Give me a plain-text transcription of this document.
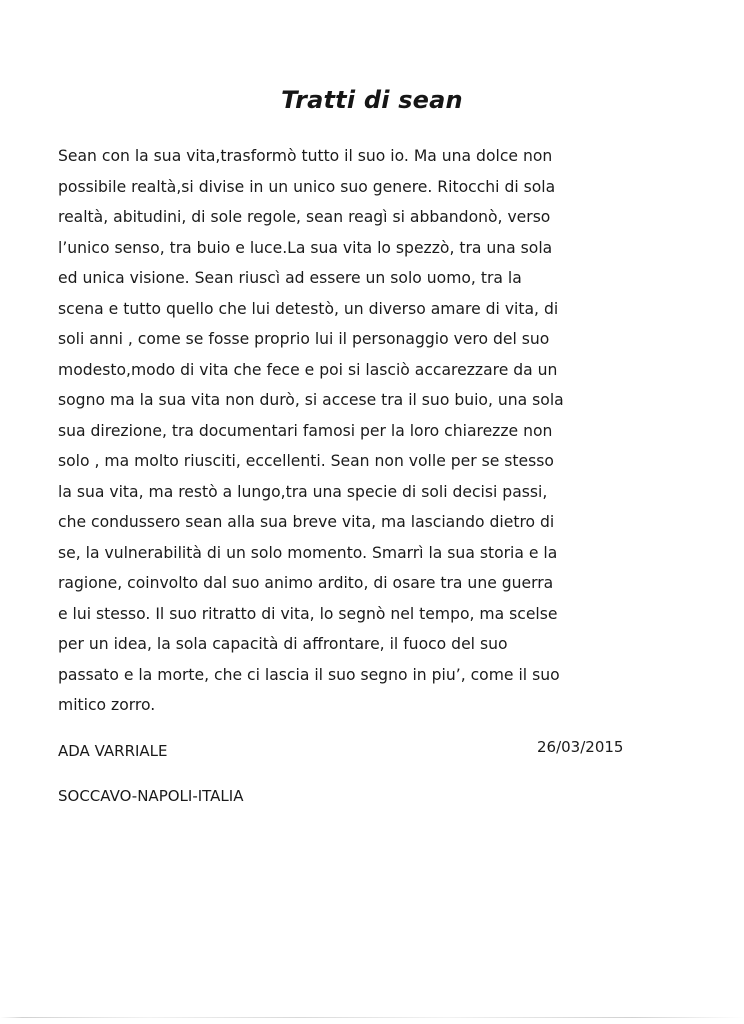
Tratti di sean
Sean con la sua vita,trasformò tutto il suo io. Ma una dolce non
possibile realtà,si divise in un unico suo genere. Ritocchi di sola
realtà, abitudini, di sole regole, sean reagì si abbandonò, verso
l’unico senso, tra buio e luce.La sua vita lo spezzò, tra una sola
ed unica visione. Sean riuscì ad essere un solo uomo, tra la
scena e tutto quello che lui detestò, un diverso amare di vita, di
soli anni , come se fosse proprio lui il personaggio vero del suo
modesto,modo di vita che fece e poi si lasciò accarezzare da un
sogno ma la sua vita non durò, si accese tra il suo buio, una sola
sua direzione, tra documentari famosi per la loro chiarezze non
solo , ma molto riusciti, eccellenti. Sean non volle per se stesso
la sua vita, ma restò a lungo,tra una specie di soli decisi passi,
che condussero sean alla sua breve vita, ma lasciando dietro di
se, la vulnerabilità di un solo momento. Smarrì la sua storia e la
ragione, coinvolto dal suo animo ardito, di osare tra une guerra
e lui stesso. Il suo ritratto di vita, lo segnò nel tempo, ma scelse
per un idea, la sola capacità di affrontare, il fuoco del suo
passato e la morte, che ci lascia il suo segno in piu’, come il suo
mitico zorro.
ADA VARRIALE	26/03/2015
SOCCAVO-NAPOLI-ITALIA
